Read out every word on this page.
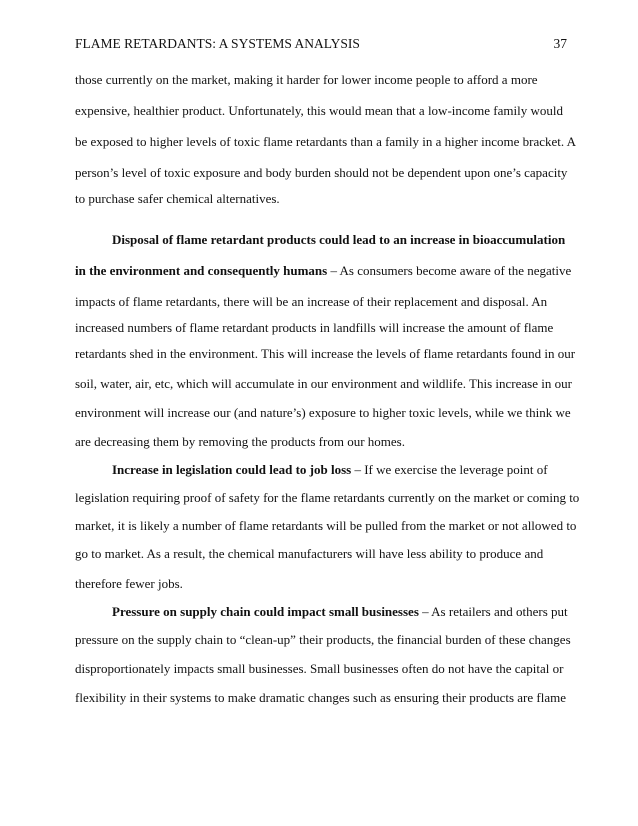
FLAME RETARDANTS: A SYSTEMS ANALYSIS	37
those currently on the market, making it harder for lower income people to afford a more
expensive, healthier product. Unfortunately, this would mean that a low-income family would
be exposed to higher levels of toxic flame retardants than a family in a higher income bracket. A
person’s level of toxic exposure and body burden should not be dependent upon one’s capacity
to purchase safer chemical alternatives.
Disposal of flame retardant products could lead to an increase in bioaccumulation
in the environment and consequently humans – As consumers become aware of the negative
impacts of flame retardants, there will be an increase of their replacement and disposal. An
increased numbers of flame retardant products in landfills will increase the amount of flame
retardants shed in the environment. This will increase the levels of flame retardants found in our
soil, water, air, etc, which will accumulate in our environment and wildlife. This increase in our
environment will increase our (and nature’s) exposure to higher toxic levels, while we think we
are decreasing them by removing the products from our homes.
Increase in legislation could lead to job loss – If we exercise the leverage point of
legislation requiring proof of safety for the flame retardants currently on the market or coming to
market, it is likely a number of flame retardants will be pulled from the market or not allowed to
go to market. As a result, the chemical manufacturers will have less ability to produce and
therefore fewer jobs.
Pressure on supply chain could impact small businesses – As retailers and others put
pressure on the supply chain to “clean-up” their products, the financial burden of these changes
disproportionately impacts small businesses. Small businesses often do not have the capital or
flexibility in their systems to make dramatic changes such as ensuring their products are flame
